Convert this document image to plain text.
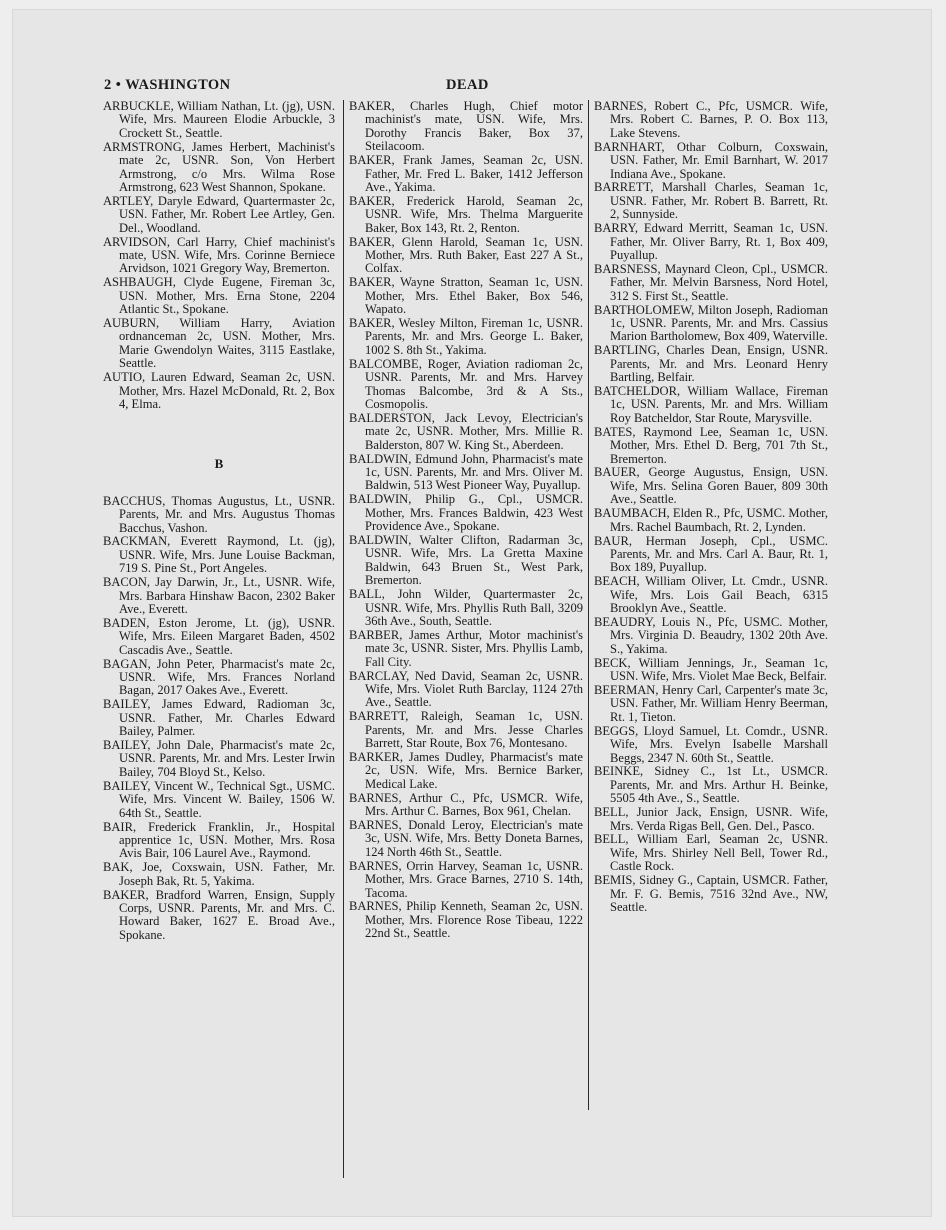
2 • WASHINGTON	DEAD

ARBUCKLE, William Nathan, Lt. (jg), USN. Wife, Mrs. Maureen Elodie Arbuckle, 3 Crockett St., Seattle.

ARMSTRONG, James Herbert, Machinist's mate 2c, USNR. Son, Von Herbert Armstrong, c/o Mrs. Wilma Rose Armstrong, 623 West Shannon, Spokane.

ARTLEY, Daryle Edward, Quartermaster 2c, USN. Father, Mr. Robert Lee Artley, Gen. Del., Woodland.

ARVIDSON, Carl Harry, Chief machinist's mate, USN. Wife, Mrs. Corinne Berniece Arvidson, 1021 Gregory Way, Bremerton.

ASHBAUGH, Clyde Eugene, Fireman 3c, USN. Mother, Mrs. Erna Stone, 2204 Atlantic St., Spokane.

AUBURN, William Harry, Aviation ordnanceman 2c, USN. Mother, Mrs. Marie Gwendolyn Waites, 3115 Eastlake, Seattle.

AUTIO, Lauren Edward, Seaman 2c, USN. Mother, Mrs. Hazel McDonald, Rt. 2, Box 4, Elma.

B

BACCHUS, Thomas Augustus, Lt., USNR. Parents, Mr. and Mrs. Augustus Thomas Bacchus, Vashon.

BACKMAN, Everett Raymond, Lt. (jg), USNR. Wife, Mrs. June Louise Backman, 719 S. Pine St., Port Angeles.

BACON, Jay Darwin, Jr., Lt., USNR. Wife, Mrs. Barbara Hinshaw Bacon, 2302 Baker Ave., Everett.

BADEN, Eston Jerome, Lt. (jg), USNR. Wife, Mrs. Eileen Margaret Baden, 4502 Cascadis Ave., Seattle.

BAGAN, John Peter, Pharmacist's mate 2c, USNR. Wife, Mrs. Frances Norland Bagan, 2017 Oakes Ave., Everett.

BAILEY, James Edward, Radioman 3c, USNR. Father, Mr. Charles Edward Bailey, Palmer.

BAILEY, John Dale, Pharmacist's mate 2c, USNR. Parents, Mr. and Mrs. Lester Irwin Bailey, 704 Bloyd St., Kelso.

BAILEY, Vincent W., Technical Sgt., USMC. Wife, Mrs. Vincent W. Bailey, 1506 W. 64th St., Seattle.

BAIR, Frederick Franklin, Jr., Hospital apprentice 1c, USN. Mother, Mrs. Rosa Avis Bair, 106 Laurel Ave., Raymond.

BAK, Joe, Coxswain, USN. Father, Mr. Joseph Bak, Rt. 5, Yakima.

BAKER, Bradford Warren, Ensign, Supply Corps, USNR. Parents, Mr. and Mrs. C. Howard Baker, 1627 E. Broad Ave., Spokane.

BAKER, Charles Hugh, Chief motor machinist's mate, USN. Wife, Mrs. Dorothy Francis Baker, Box 37, Steilacoom.

BAKER, Frank James, Seaman 2c, USN. Father, Mr. Fred L. Baker, 1412 Jefferson Ave., Yakima.

BAKER, Frederick Harold, Seaman 2c, USNR. Wife, Mrs. Thelma Marguerite Baker, Box 143, Rt. 2, Renton.

BAKER, Glenn Harold, Seaman 1c, USN. Mother, Mrs. Ruth Baker, East 227 A St., Colfax.

BAKER, Wayne Stratton, Seaman 1c, USN. Mother, Mrs. Ethel Baker, Box 546, Wapato.

BAKER, Wesley Milton, Fireman 1c, USNR. Parents, Mr. and Mrs. George L. Baker, 1002 S. 8th St., Yakima.

BALCOMBE, Roger, Aviation radioman 2c, USNR. Parents, Mr. and Mrs. Harvey Thomas Balcombe, 3rd & A Sts., Cosmopolis.

BALDERSTON, Jack Levoy, Electrician's mate 2c, USNR. Mother, Mrs. Millie R. Balderston, 807 W. King St., Aberdeen.

BALDWIN, Edmund John, Pharmacist's mate 1c, USN. Parents, Mr. and Mrs. Oliver M. Baldwin, 513 West Pioneer Way, Puyallup.

BALDWIN, Philip G., Cpl., USMCR. Mother, Mrs. Frances Baldwin, 423 West Providence Ave., Spokane.

BALDWIN, Walter Clifton, Radarman 3c, USNR. Wife, Mrs. La Gretta Maxine Baldwin, 643 Bruen St., West Park, Bremerton.

BALL, John Wilder, Quartermaster 2c, USNR. Wife, Mrs. Phyllis Ruth Ball, 3209 36th Ave., South, Seattle.

BARBER, James Arthur, Motor machinist's mate 3c, USNR. Sister, Mrs. Phyllis Lamb, Fall City.

BARCLAY, Ned David, Seaman 2c, USNR. Wife, Mrs. Violet Ruth Barclay, 1124 27th Ave., Seattle.

BARRETT, Raleigh, Seaman 1c, USN. Parents, Mr. and Mrs. Jesse Charles Barrett, Star Route, Box 76, Montesano.

BARKER, James Dudley, Pharmacist's mate 2c, USN. Wife, Mrs. Bernice Barker, Medical Lake.

BARNES, Arthur C., Pfc, USMCR. Wife, Mrs. Arthur C. Barnes, Box 961, Chelan.

BARNES, Donald Leroy, Electrician's mate 3c, USN. Wife, Mrs. Betty Doneta Barnes, 124 North 46th St., Seattle.

BARNES, Orrin Harvey, Seaman 1c, USNR. Mother, Mrs. Grace Barnes, 2710 S. 14th, Tacoma.

BARNES, Philip Kenneth, Seaman 2c, USN. Mother, Mrs. Florence Rose Tibeau, 1222 22nd St., Seattle.

BARNES, Robert C., Pfc, USMCR. Wife, Mrs. Robert C. Barnes, P. O. Box 113, Lake Stevens.

BARNHART, Othar Colburn, Coxswain, USN. Father, Mr. Emil Barnhart, W. 2017 Indiana Ave., Spokane.

BARRETT, Marshall Charles, Seaman 1c, USNR. Father, Mr. Robert B. Barrett, Rt. 2, Sunnyside.

BARRY, Edward Merritt, Seaman 1c, USN. Father, Mr. Oliver Barry, Rt. 1, Box 409, Puyallup.

BARSNESS, Maynard Cleon, Cpl., USMCR. Father, Mr. Melvin Barsness, Nord Hotel, 312 S. First St., Seattle.

BARTHOLOMEW, Milton Joseph, Radioman 1c, USNR. Parents, Mr. and Mrs. Cassius Marion Bartholomew, Box 409, Waterville.

BARTLING, Charles Dean, Ensign, USNR. Parents, Mr. and Mrs. Leonard Henry Bartling, Belfair.

BATCHELDOR, William Wallace, Fireman 1c, USN. Parents, Mr. and Mrs. William Roy Batcheldor, Star Route, Marysville.

BATES, Raymond Lee, Seaman 1c, USN. Mother, Mrs. Ethel D. Berg, 701 7th St., Bremerton.

BAUER, George Augustus, Ensign, USN. Wife, Mrs. Selina Goren Bauer, 809 30th Ave., Seattle.

BAUMBACH, Elden R., Pfc, USMC. Mother, Mrs. Rachel Baumbach, Rt. 2, Lynden.

BAUR, Herman Joseph, Cpl., USMC. Parents, Mr. and Mrs. Carl A. Baur, Rt. 1, Box 189, Puyallup.

BEACH, William Oliver, Lt. Cmdr., USNR. Wife, Mrs. Lois Gail Beach, 6315 Brooklyn Ave., Seattle.

BEAUDRY, Louis N., Pfc, USMC. Mother, Mrs. Virginia D. Beaudry, 1302 20th Ave. S., Yakima.

BECK, William Jennings, Jr., Seaman 1c, USN. Wife, Mrs. Violet Mae Beck, Belfair.

BEERMAN, Henry Carl, Carpenter's mate 3c, USN. Father, Mr. William Henry Beerman, Rt. 1, Tieton.

BEGGS, Lloyd Samuel, Lt. Comdr., USNR. Wife, Mrs. Evelyn Isabelle Marshall Beggs, 2347 N. 60th St., Seattle.

BEINKE, Sidney C., 1st Lt., USMCR. Parents, Mr. and Mrs. Arthur H. Beinke, 5505 4th Ave., S., Seattle.

BELL, Junior Jack, Ensign, USNR. Wife, Mrs. Verda Rigas Bell, Gen. Del., Pasco.

BELL, William Earl, Seaman 2c, USNR. Wife, Mrs. Shirley Nell Bell, Tower Rd., Castle Rock.

BEMIS, Sidney G., Captain, USMCR. Father, Mr. F. G. Bemis, 7516 32nd Ave., NW, Seattle.
